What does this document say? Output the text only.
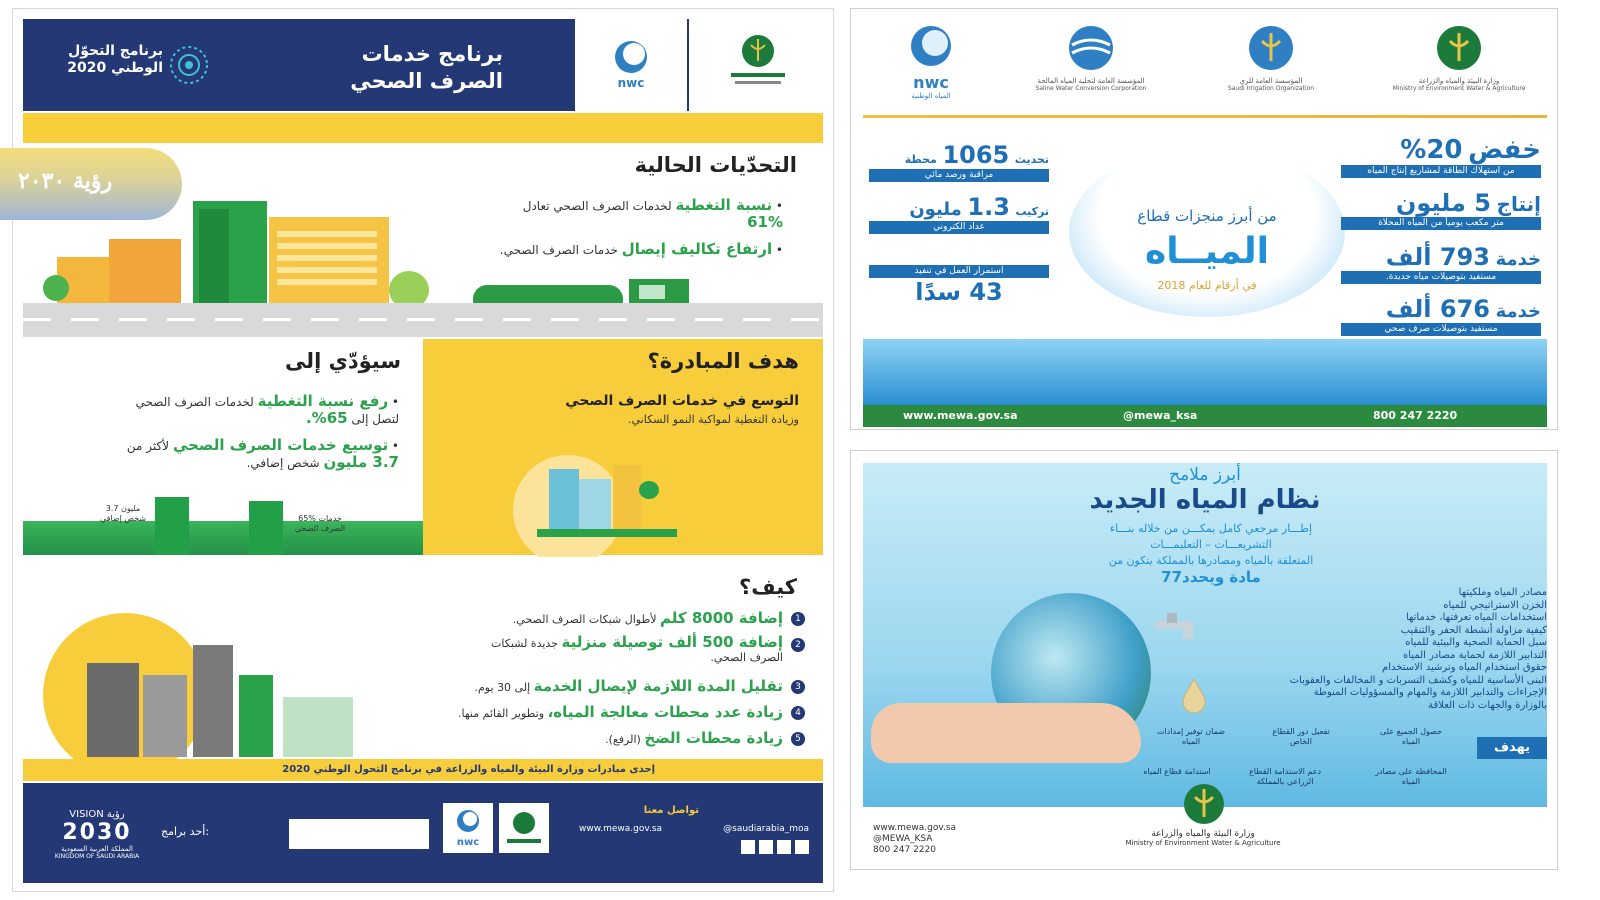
برنامج التحوّل
الوطني 2020
برنامج خدمات
الصرف الصحي	nwc
التحدّيات الحالية
• نسبة التغطية لخدمات الصرف الصحي تعادل
61%
• ارتفاع تكاليف إيصال خدمات الصرف الصحي.
سيؤدّي إلى
• رفع نسبة التغطية لخدمات الصرف الصحي
لتصل إلى 65%.
• توسيع خدمات الصرف الصحي لأكثر من
3.7 مليون شخص إضافي.
3.7 مليون
شخص إضافي	65% خدمات
الصرف الصحي
هدف المبادرة؟
التوسع في خدمات الصرف الصحي
وزيادة التغطية لمواكبة النمو السكاني.
كيف؟
1
إضافة 8000 كلم لأطوال شبكات الصرف الصحي.
2
إضافة 500 ألف توصيلة منزلية جديدة لشبكات
الصرف الصحي.
3
تقليل المدة اللازمة لإيصال الخدمة إلى 30 يوم.
4
زيادة عدد محطات معالجة المياه، وتطوير القائم منها.
5
زيادة محطات الضخ (الرفع).
إحدى مبادرات وزارة البيئة والمياه والزراعة في برنامج التحول الوطني 2020
VISION رؤية
2030
المملكة العربية السعودية
KINGDOM OF SAUDI ARABIA
أحد برامج:
nwc
تواصل معنا
www.mewa.gov.sa	@saudiarabia_moa
رؤية ٢٠٣٠
nwc
المياه الوطنية
المؤسسة العامة لتحلية المياه المالحة
Saline Water Conversion Corporation
المؤسسة العامة للري
Saudi Irrigation Organization
وزارة البيئة والمياه والزراعة
Ministry of Environment Water & Agriculture
من أبرز منجزات قطاع
الميــاه
في أرقام للعام 2018
خفض 20%
من استهلاك الطاقة لمشاريع إنتاج المياه
إنتاج 5 مليون
متر مكعب يومياً من المياه المحلاة
خدمة 793 ألف
مستفيد بتوصيلات مياه جديدة.
خدمة 676 ألف
مستفيد بتوصيلات صرف صحي
تحديث 1065 محطة
مراقبة ورصد مائي
تركيب 1.3 مليون
عداد الكتروني
استمرار العمل في تنفيذ
43 سدًا
www.mewa.gov.sa	@mewa_ksa	800 247 2220
أبرز ملامح
نظام المياه الجديد
إطـــار مرجعي كامل يمكـــن من خلاله بنـــاء
التشريعـــات – التعليمـــات
المتعلقة بالمياه ومصادرها بالمملكة يتكون من
77مادة ويحدد
مصادر المياه وملكيتها
الخزن الاستراتيجي للمياه
استخدامات المياه تعرفتها، خدماتها
كيفية مزاولة أنشطة الحفر والتنقيب
سبل الحماية الصحية والبيئية للمياه
التدابير اللازمة لحماية مصادر المياه
حقوق استخدام المياه وترشيد الاستخدام
البنى الأساسية للمياه وكشف التسربات و المخالفات والعقوبات
الإجراءات والتدابير اللازمة والمهام والمسؤوليات المنوطة
بالوزارة والجهات ذات العلاقة
يهدف
حصول الجميع على المياه
تفعيل دور القطاع الخاص
ضمان توفير إمدادات المياه
المحافظة على مصادر المياه
دعم الاستدامة القطاع الزراعي بالمملكة
استدامة قطاع المياه
www.mewa.gov.sa
@MEWA_KSA
800 247 2220
وزارة البيئة والمياه والزراعة
Ministry of Environment Water & Agriculture
